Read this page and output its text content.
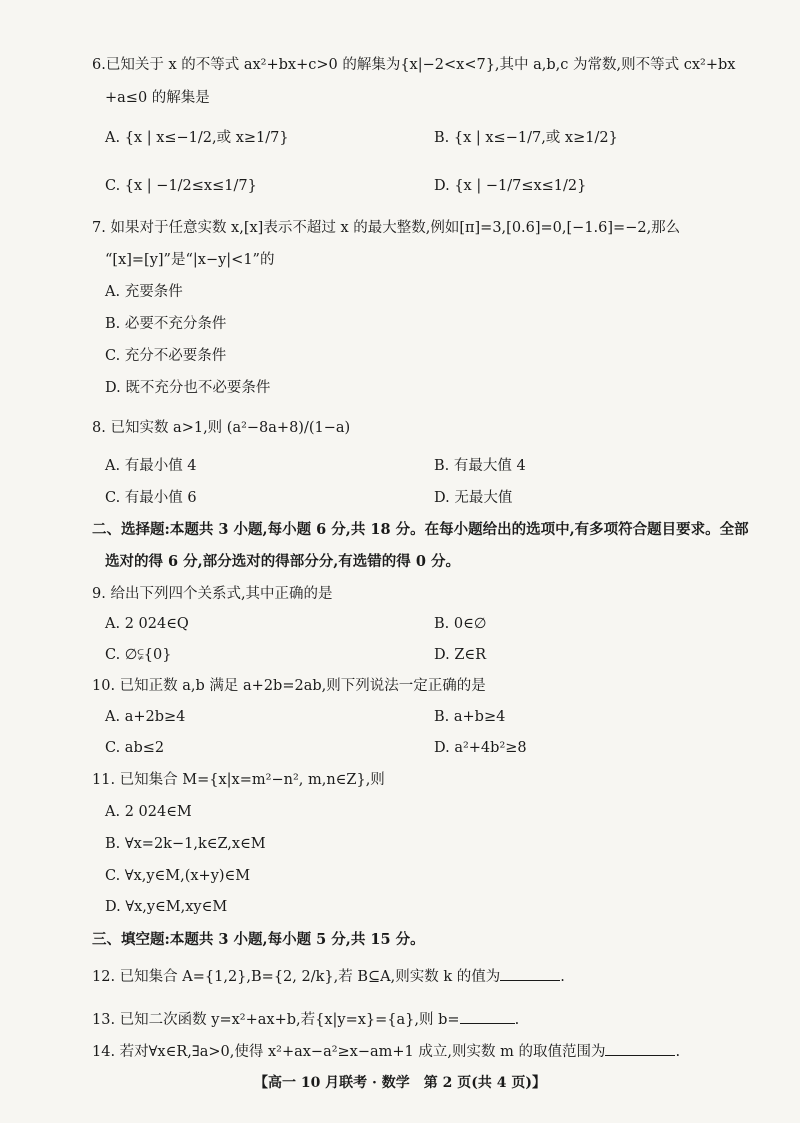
6.已知关于 x 的不等式 ax²+bx+c>0 的解集为{x|−2<x<7},其中 a,b,c 为常数,则不等式 cx²+bx
+a≤0 的解集是
A. {x | x≤−1/2,或 x≥1/7}	B. {x | x≤−1/7,或 x≥1/2}
C. {x | −1/2≤x≤1/7}	D. {x | −1/7≤x≤1/2}
7. 如果对于任意实数 x,[x]表示不超过 x 的最大整数,例如[π]=3,[0.6]=0,[−1.6]=−2,那么
“[x]=[y]”是“|x−y|<1”的
A. 充要条件
B. 必要不充分条件
C. 充分不必要条件
D. 既不充分也不必要条件
8. 已知实数 a>1,则 (a²−8a+8)/(1−a)
A. 有最小值 4	B. 有最大值 4
C. 有最小值 6	D. 无最大值
二、选择题:本题共 3 小题,每小题 6 分,共 18 分。在每小题给出的选项中,有多项符合题目要求。全部
选对的得 6 分,部分选对的得部分分,有选错的得 0 分。
9. 给出下列四个关系式,其中正确的是
A. 2 024∈Q	B. 0∈∅
C. ∅⫋{0}	D. Z∈R
10. 已知正数 a,b 满足 a+2b=2ab,则下列说法一定正确的是
A. a+2b≥4	B. a+b≥4
C. ab≤2	D. a²+4b²≥8
11. 已知集合 M={x|x=m²−n², m,n∈Z},则
A. 2 024∈M
B. ∀x=2k−1,k∈Z,x∈M
C. ∀x,y∈M,(x+y)∈M
D. ∀x,y∈M,xy∈M
三、填空题:本题共 3 小题,每小题 5 分,共 15 分。
12. 已知集合 A={1,2},B={2, 2/k},若 B⊆A,则实数 k 的值为	.
13. 已知二次函数 y=x²+ax+b,若{x|y=x}={a},则 b=	.
14. 若对∀x∈R,∃a>0,使得 x²+ax−a²≥x−am+1 成立,则实数 m 的取值范围为	.
【高一 10 月联考 · 数学　第 2 页(共 4 页)】
